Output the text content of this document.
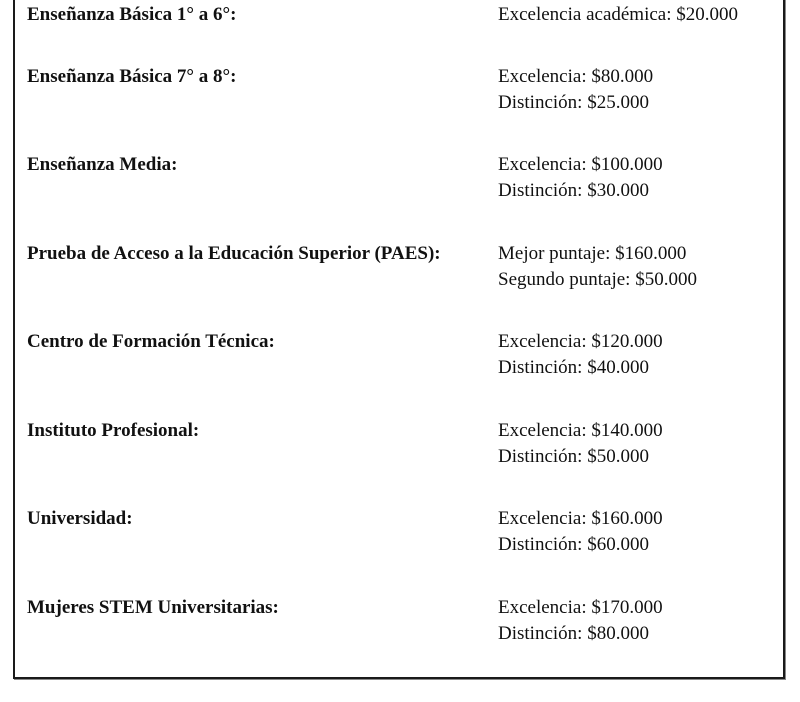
Enseñanza Básica 1° a 6°:	Excelencia académica: $20.000
Enseñanza Básica 7° a 8°:	Excelencia: $80.000
Distinción: $25.000
Enseñanza Media:	Excelencia: $100.000
Distinción: $30.000
Prueba de Acceso a la Educación Superior (PAES):	Mejor puntaje: $160.000
Segundo puntaje: $50.000
Centro de Formación Técnica:	Excelencia: $120.000
Distinción: $40.000
Instituto Profesional:	Excelencia: $140.000
Distinción: $50.000
Universidad:	Excelencia: $160.000
Distinción: $60.000
Mujeres STEM Universitarias:	Excelencia: $170.000
Distinción: $80.000
